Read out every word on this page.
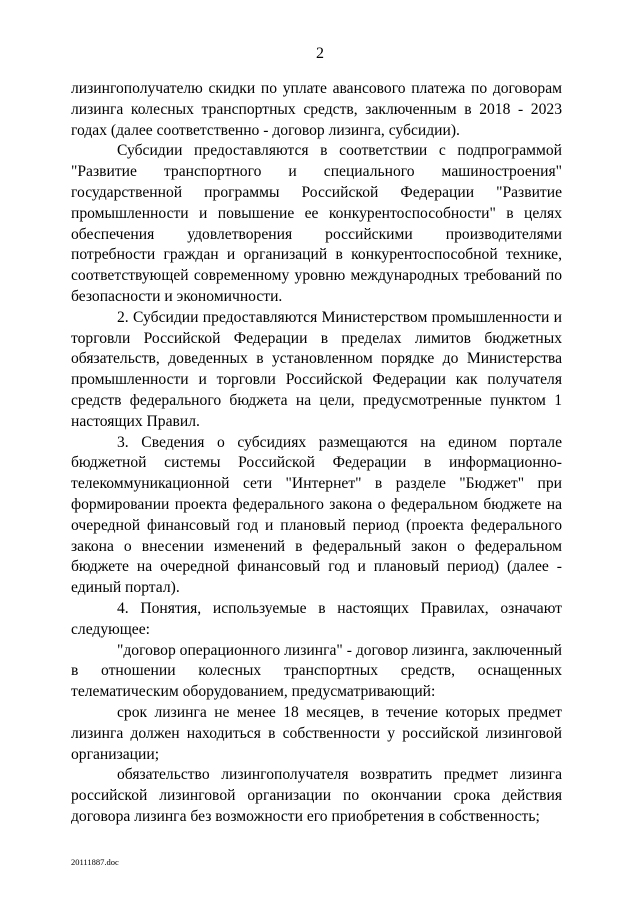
2

лизингополучателю скидки по уплате авансового платежа по договорам лизинга колесных транспортных средств, заключенным в 2018 - 2023 годах (далее соответственно - договор лизинга, субсидии).

Субсидии предоставляются в соответствии с подпрограммой "Развитие транспортного и специального машиностроения" государственной программы Российской Федерации "Развитие промышленности и повышение ее конкурентоспособности" в целях обеспечения удовлетворения российскими производителями потребности граждан и организаций в конкурентоспособной технике, соответствующей современному уровню международных требований по безопасности и экономичности.

2. Субсидии предоставляются Министерством промышленности и торговли Российской Федерации в пределах лимитов бюджетных обязательств, доведенных в установленном порядке до Министерства промышленности и торговли Российской Федерации как получателя средств федерального бюджета на цели, предусмотренные пунктом 1 настоящих Правил.

3. Сведения о субсидиях размещаются на едином портале бюджетной системы Российской Федерации в информационно-телекоммуникационной сети "Интернет" в разделе "Бюджет" при формировании проекта федерального закона о федеральном бюджете на очередной финансовый год и плановый период (проекта федерального закона о внесении изменений в федеральный закон о федеральном бюджете на очередной финансовый год и плановый период) (далее - единый портал).

4. Понятия, используемые в настоящих Правилах, означают следующее:

"договор операционного лизинга" - договор лизинга, заключенный в отношении колесных транспортных средств, оснащенных телематическим оборудованием, предусматривающий:

срок лизинга не менее 18 месяцев, в течение которых предмет лизинга должен находиться в собственности у российской лизинговой организации;

обязательство лизингополучателя возвратить предмет лизинга российской лизинговой организации по окончании срока действия договора лизинга без возможности его приобретения в собственность;

20111887.doc
